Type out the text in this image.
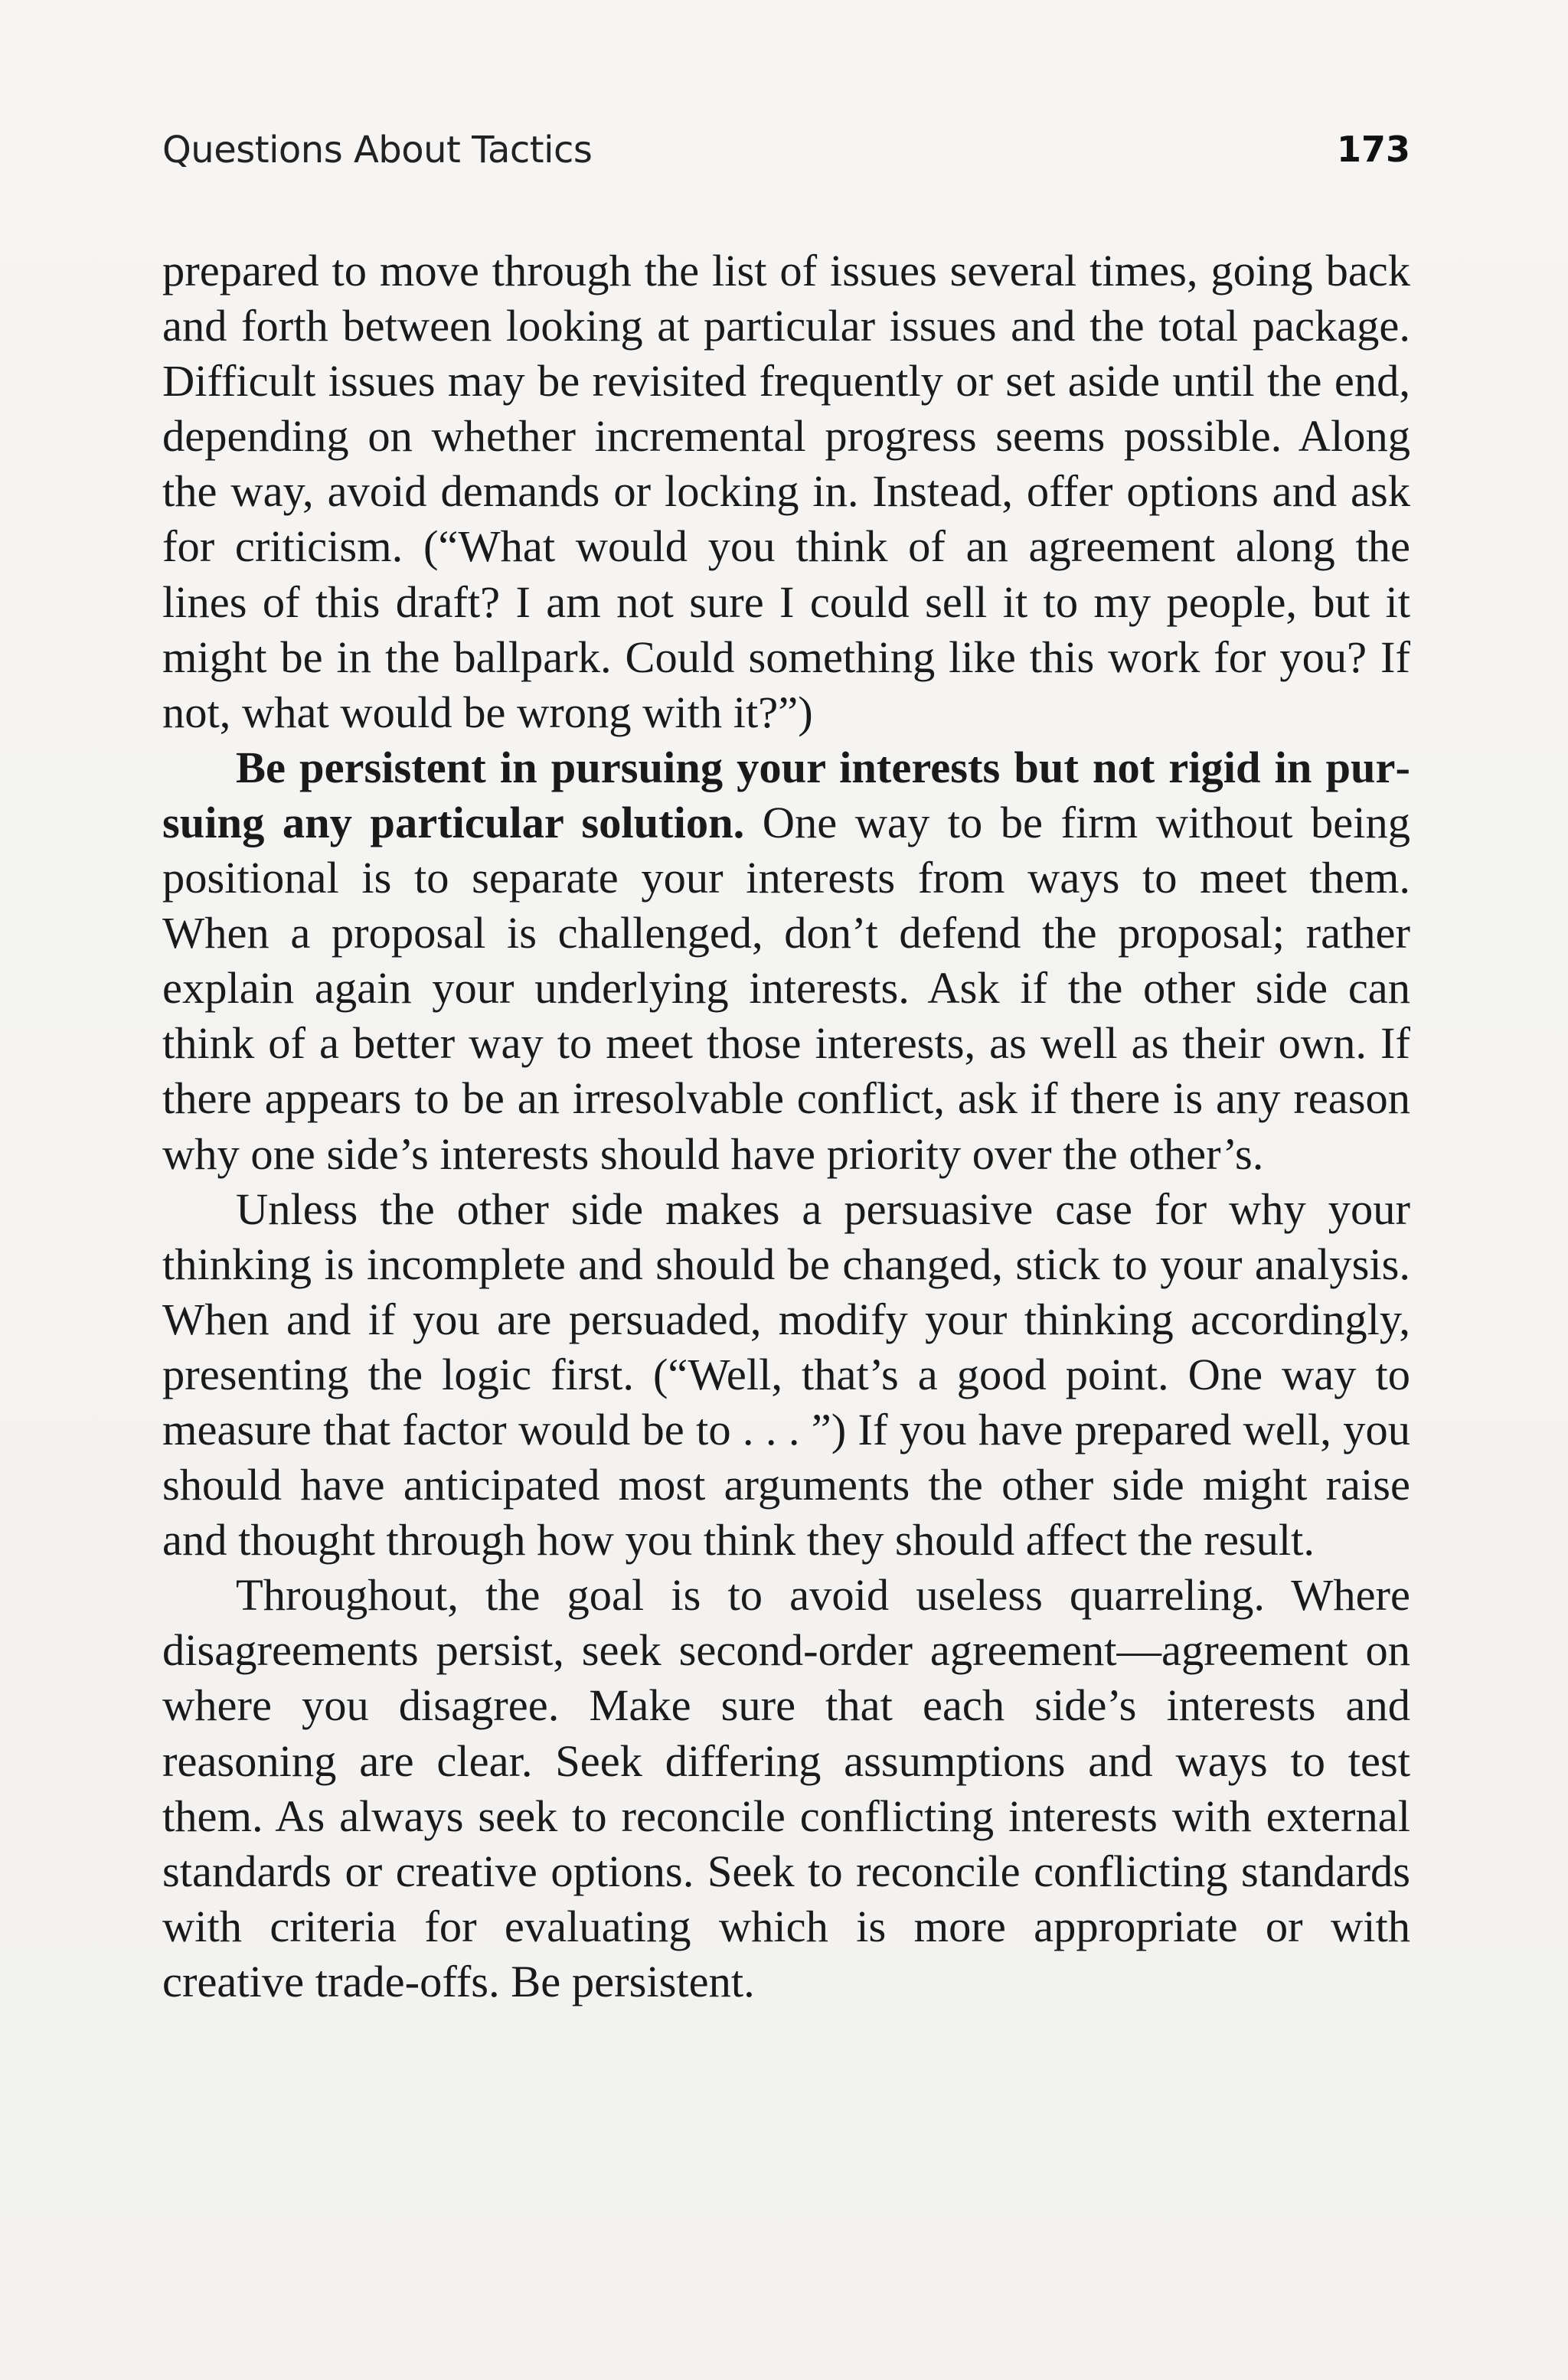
Questions About Tactics	173

prepared to move through the list of issues several times, going back and forth between looking at particular issues and the total package. Difficult issues may be revisited frequently or set aside until the end, depending on whether incremental progress seems possible. Along the way, avoid demands or locking in. Instead, offer options and ask for criticism. (“What would you think of an agreement along the lines of this draft? I am not sure I could sell it to my people, but it might be in the ballpark. Could something like this work for you? If not, what would be wrong with it?”)

Be persistent in pursuing your interests but not rigid in pursuing any particular solution. One way to be firm without being positional is to separate your interests from ways to meet them. When a proposal is challenged, don’t defend the proposal; rather explain again your underlying interests. Ask if the other side can think of a better way to meet those interests, as well as their own. If there appears to be an irresolvable conflict, ask if there is any reason why one side’s interests should have priority over the other’s.

Unless the other side makes a persuasive case for why your thinking is incomplete and should be changed, stick to your analysis. When and if you are persuaded, modify your thinking accordingly, presenting the logic first. (“Well, that’s a good point. One way to measure that factor would be to . . . ”) If you have prepared well, you should have anticipated most arguments the other side might raise and thought through how you think they should affect the result.

Throughout, the goal is to avoid useless quarreling. Where disagreements persist, seek second-order agreement—agreement on where you disagree. Make sure that each side’s interests and reasoning are clear. Seek differing assumptions and ways to test them. As always seek to reconcile conflicting interests with external standards or creative options. Seek to reconcile conflicting standards with criteria for evaluating which is more appropriate or with creative trade-offs. Be persistent.
